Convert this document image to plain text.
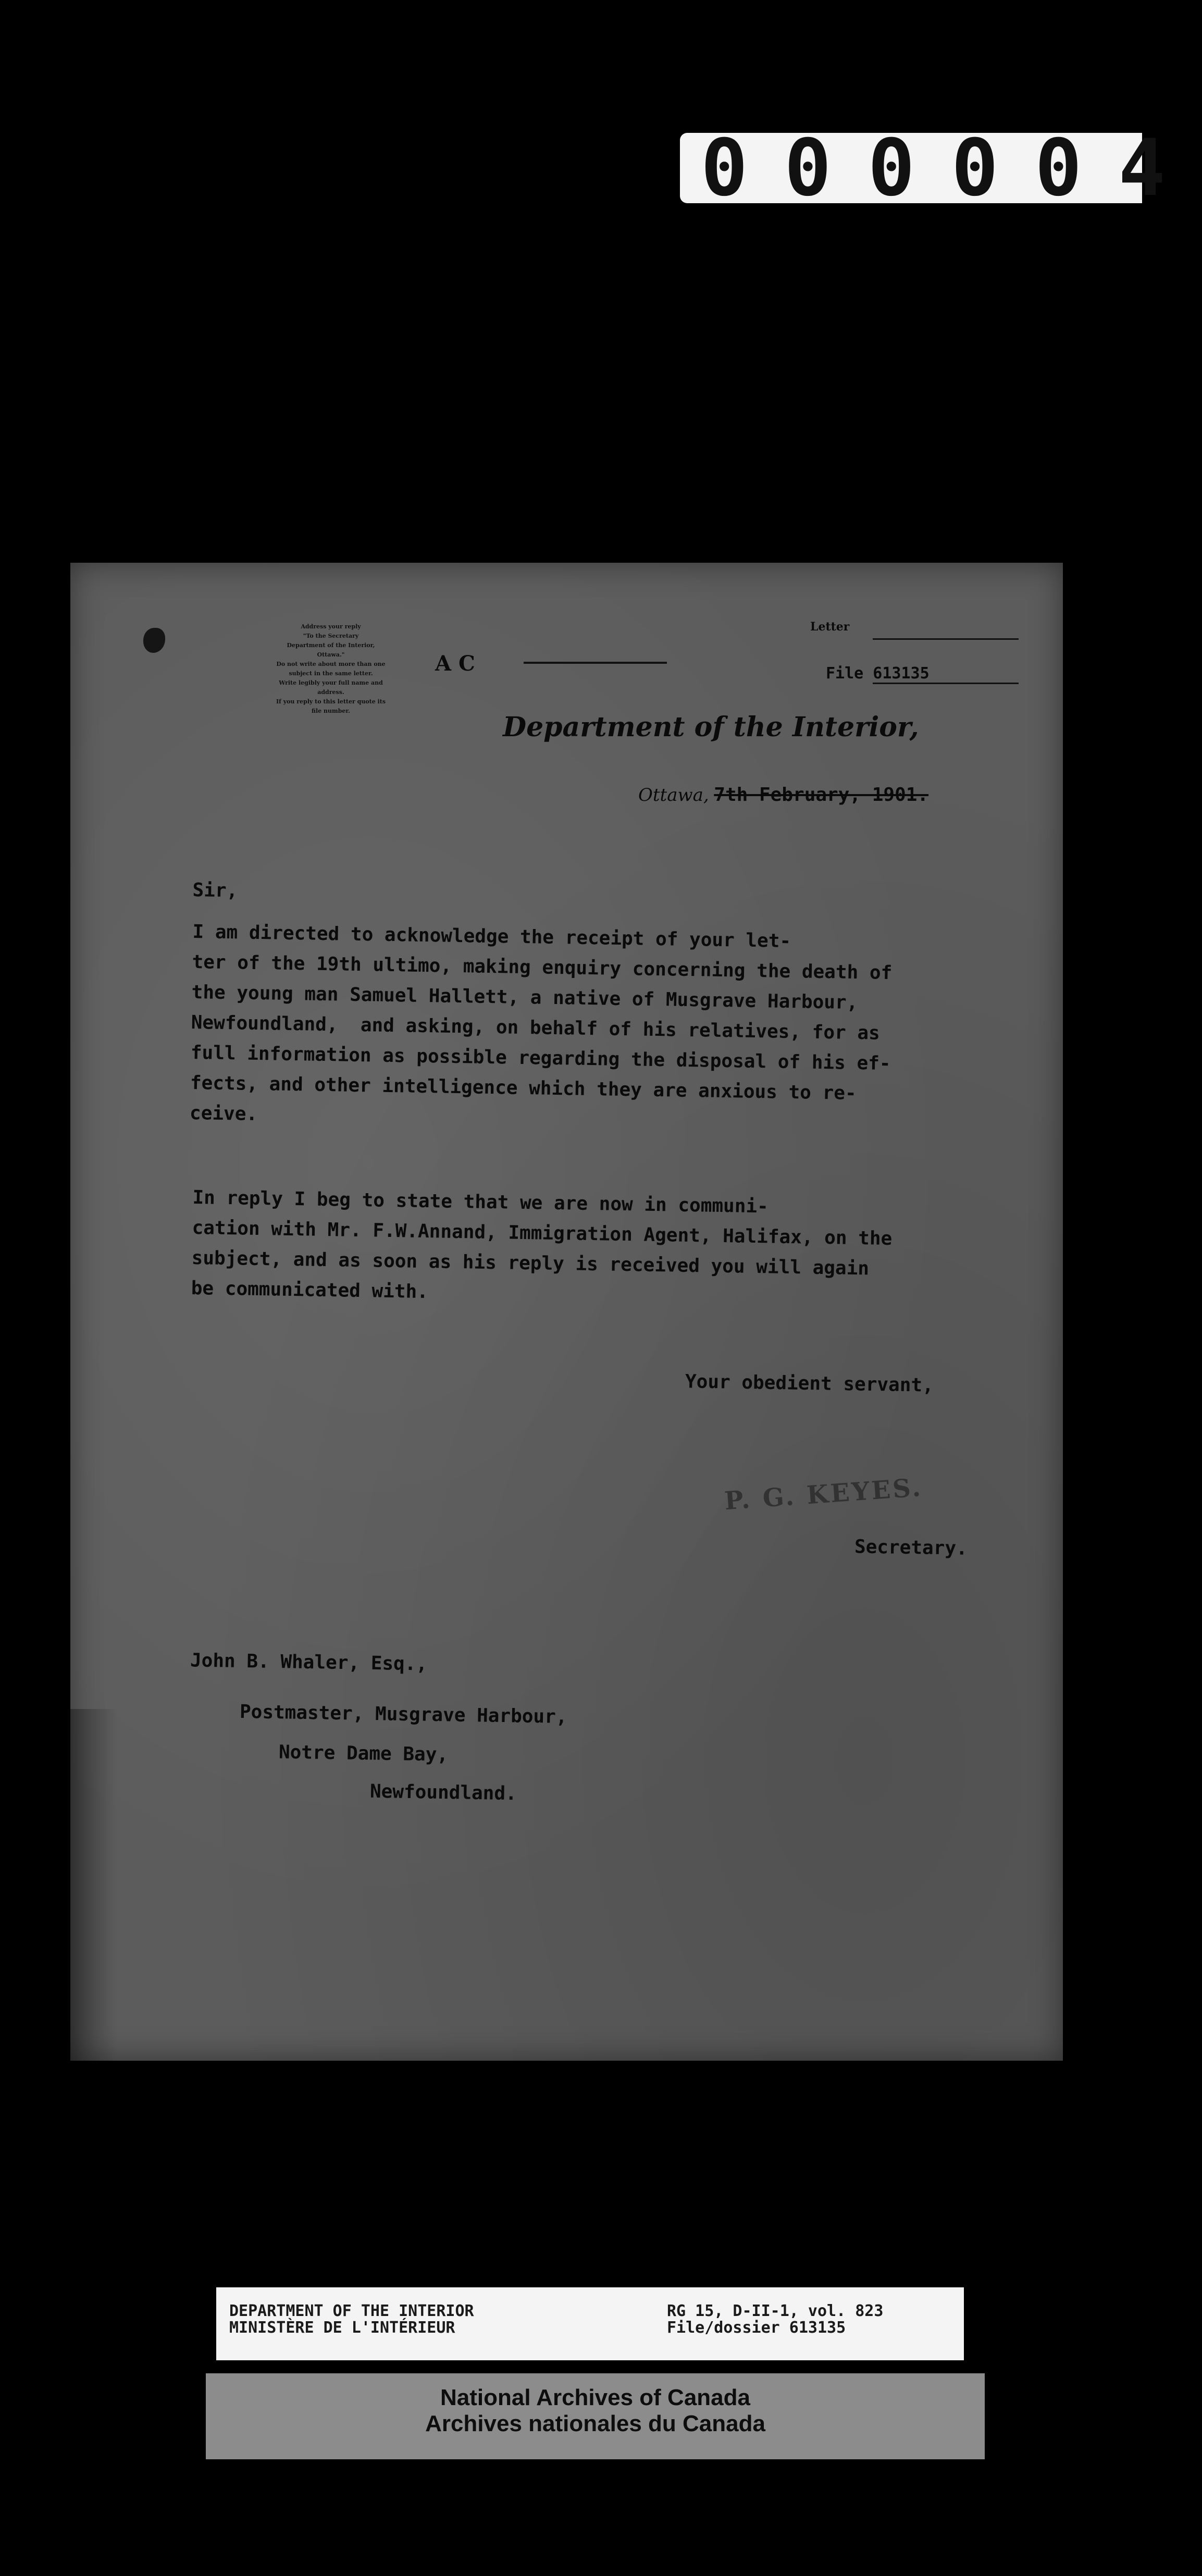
000004

Address your reply

"To the Secretary

Department of the Interior,

Ottawa."

Do not write about more than one

subject in the same letter.

Write legibly your full name and

address.

If you reply to this letter quote its

file number.

A C
Letter
File 613135
Department of the Interior,
Ottawa, 7th February, 1901.
Sir,
I am directed to acknowledge the receipt of your let-
ter of the 19th ultimo, making enquiry concerning the death of
the young man Samuel Hallett, a native of Musgrave Harbour,
Newfoundland,  and asking, on behalf of his relatives, for as
full information as possible regarding the disposal of his ef-
fects, and other intelligence which they are anxious to re-
ceive.
In reply I beg to state that we are now in communi-
cation with Mr. F.W.Annand, Immigration Agent, Halifax, on the
subject, and as soon as his reply is received you will again
be communicated with.
Your obedient servant,
P. G. KEYES.
Secretary.
John B. Whaler, Esq.,
Postmaster, Musgrave Harbour,
Notre Dame Bay,
Newfoundland.
DEPARTMENT OF THE INTERIOR
MINISTÈRE DE L'INTÉRIEUR
RG 15, D-II-1, vol. 823
File/dossier 613135
National Archives of Canada
Archives nationales du Canada
